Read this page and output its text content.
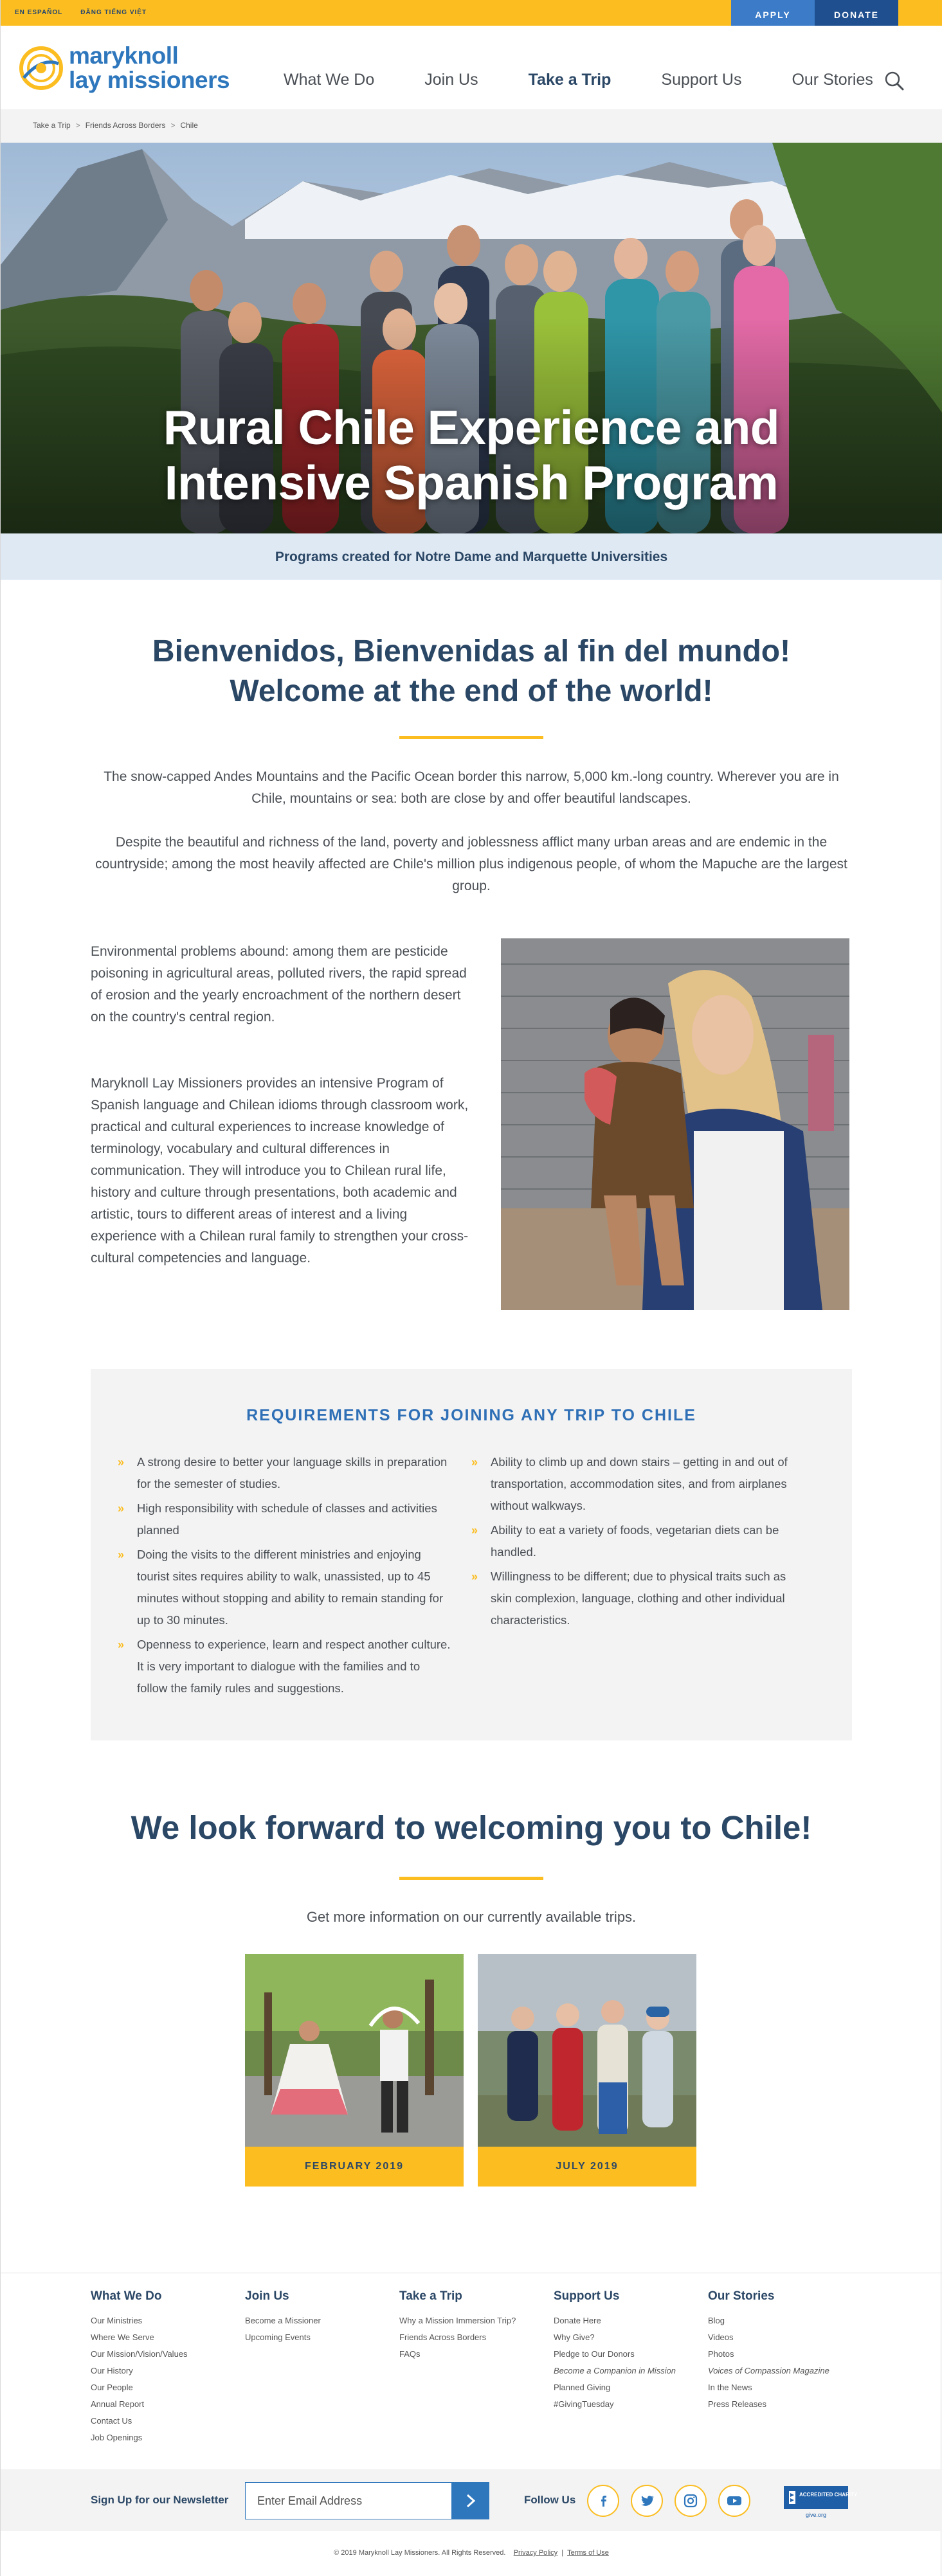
EN ESPAÑOL	ĐĂNG TIẾNG VIỆT	APPLY	DONATE
maryknoll
lay missioners	What We Do	Join Us	Take a Trip	Support Us	Our Stories
Take a Trip > Friends Across Borders > Chile
Rural Chile Experience and
Intensive Spanish Program
Programs created for Notre Dame and Marquette Universities
Bienvenidos, Bienvenidas al fin del mundo!
Welcome at the end of the world!

The snow-capped Andes Mountains and the Pacific Ocean border this narrow, 5,000 km.-long country. Wherever you are in Chile, mountains or sea: both are close by and offer beautiful landscapes.

Despite the beautiful and richness of the land, poverty and joblessness afflict many urban areas and are endemic in the countryside; among the most heavily affected are Chile's million plus indigenous people, of whom the Mapuche are the largest group.

Environmental problems abound: among them are pesticide poisoning in agricultural areas, polluted rivers, the rapid spread of erosion and the yearly encroachment of the northern desert on the country's central region.

Maryknoll Lay Missioners provides an intensive Program of Spanish language and Chilean idioms through classroom work, practical and cultural experiences to increase knowledge of terminology, vocabulary and cultural differences in communication. They will introduce you to Chilean rural life, history and culture through presentations, both academic and artistic, tours to different areas of interest and a living experience with a Chilean rural family to strengthen your cross-cultural competencies and language.

REQUIREMENTS FOR JOINING ANY TRIP TO CHILE
» A strong desire to better your language skills in preparation for the semester of studies.
» High responsibility with schedule of classes and activities planned
» Doing the visits to the different ministries and enjoying tourist sites requires ability to walk, unassisted, up to 45 minutes without stopping and ability to remain standing for up to 30 minutes.
» Openness to experience, learn and respect another culture. It is very important to dialogue with the families and to follow the family rules and suggestions.
» Ability to climb up and down stairs – getting in and out of transportation, accommodation sites, and from airplanes without walkways.
» Ability to eat a variety of foods, vegetarian diets can be handled.
» Willingness to be different; due to physical traits such as skin complexion, language, clothing and other individual characteristics.
We look forward to welcoming you to Chile!
Get more information on our currently available trips.
FEBRUARY 2019	JULY 2019
What We Do
Our Ministries
Where We Serve
Our Mission/Vision/Values
Our History
Our People
Annual Report
Contact Us
Job Openings
Join Us
Become a Missioner
Upcoming Events
Take a Trip
Why a Mission Immersion Trip?
Friends Across Borders
FAQs
Support Us
Donate Here
Why Give?
Pledge to Our Donors
Become a Companion in Mission
Planned Giving
#GivingTuesday
Our Stories
Blog
Videos
Photos
Voices of Compassion Magazine
In the News
Press Releases
Sign Up for our Newsletter
Enter Email Address	Follow Us	ACCREDITED CHARITY
give.org
© 2019 Maryknoll Lay Missioners. All Rights Reserved. Privacy Policy  |  Terms of Use
